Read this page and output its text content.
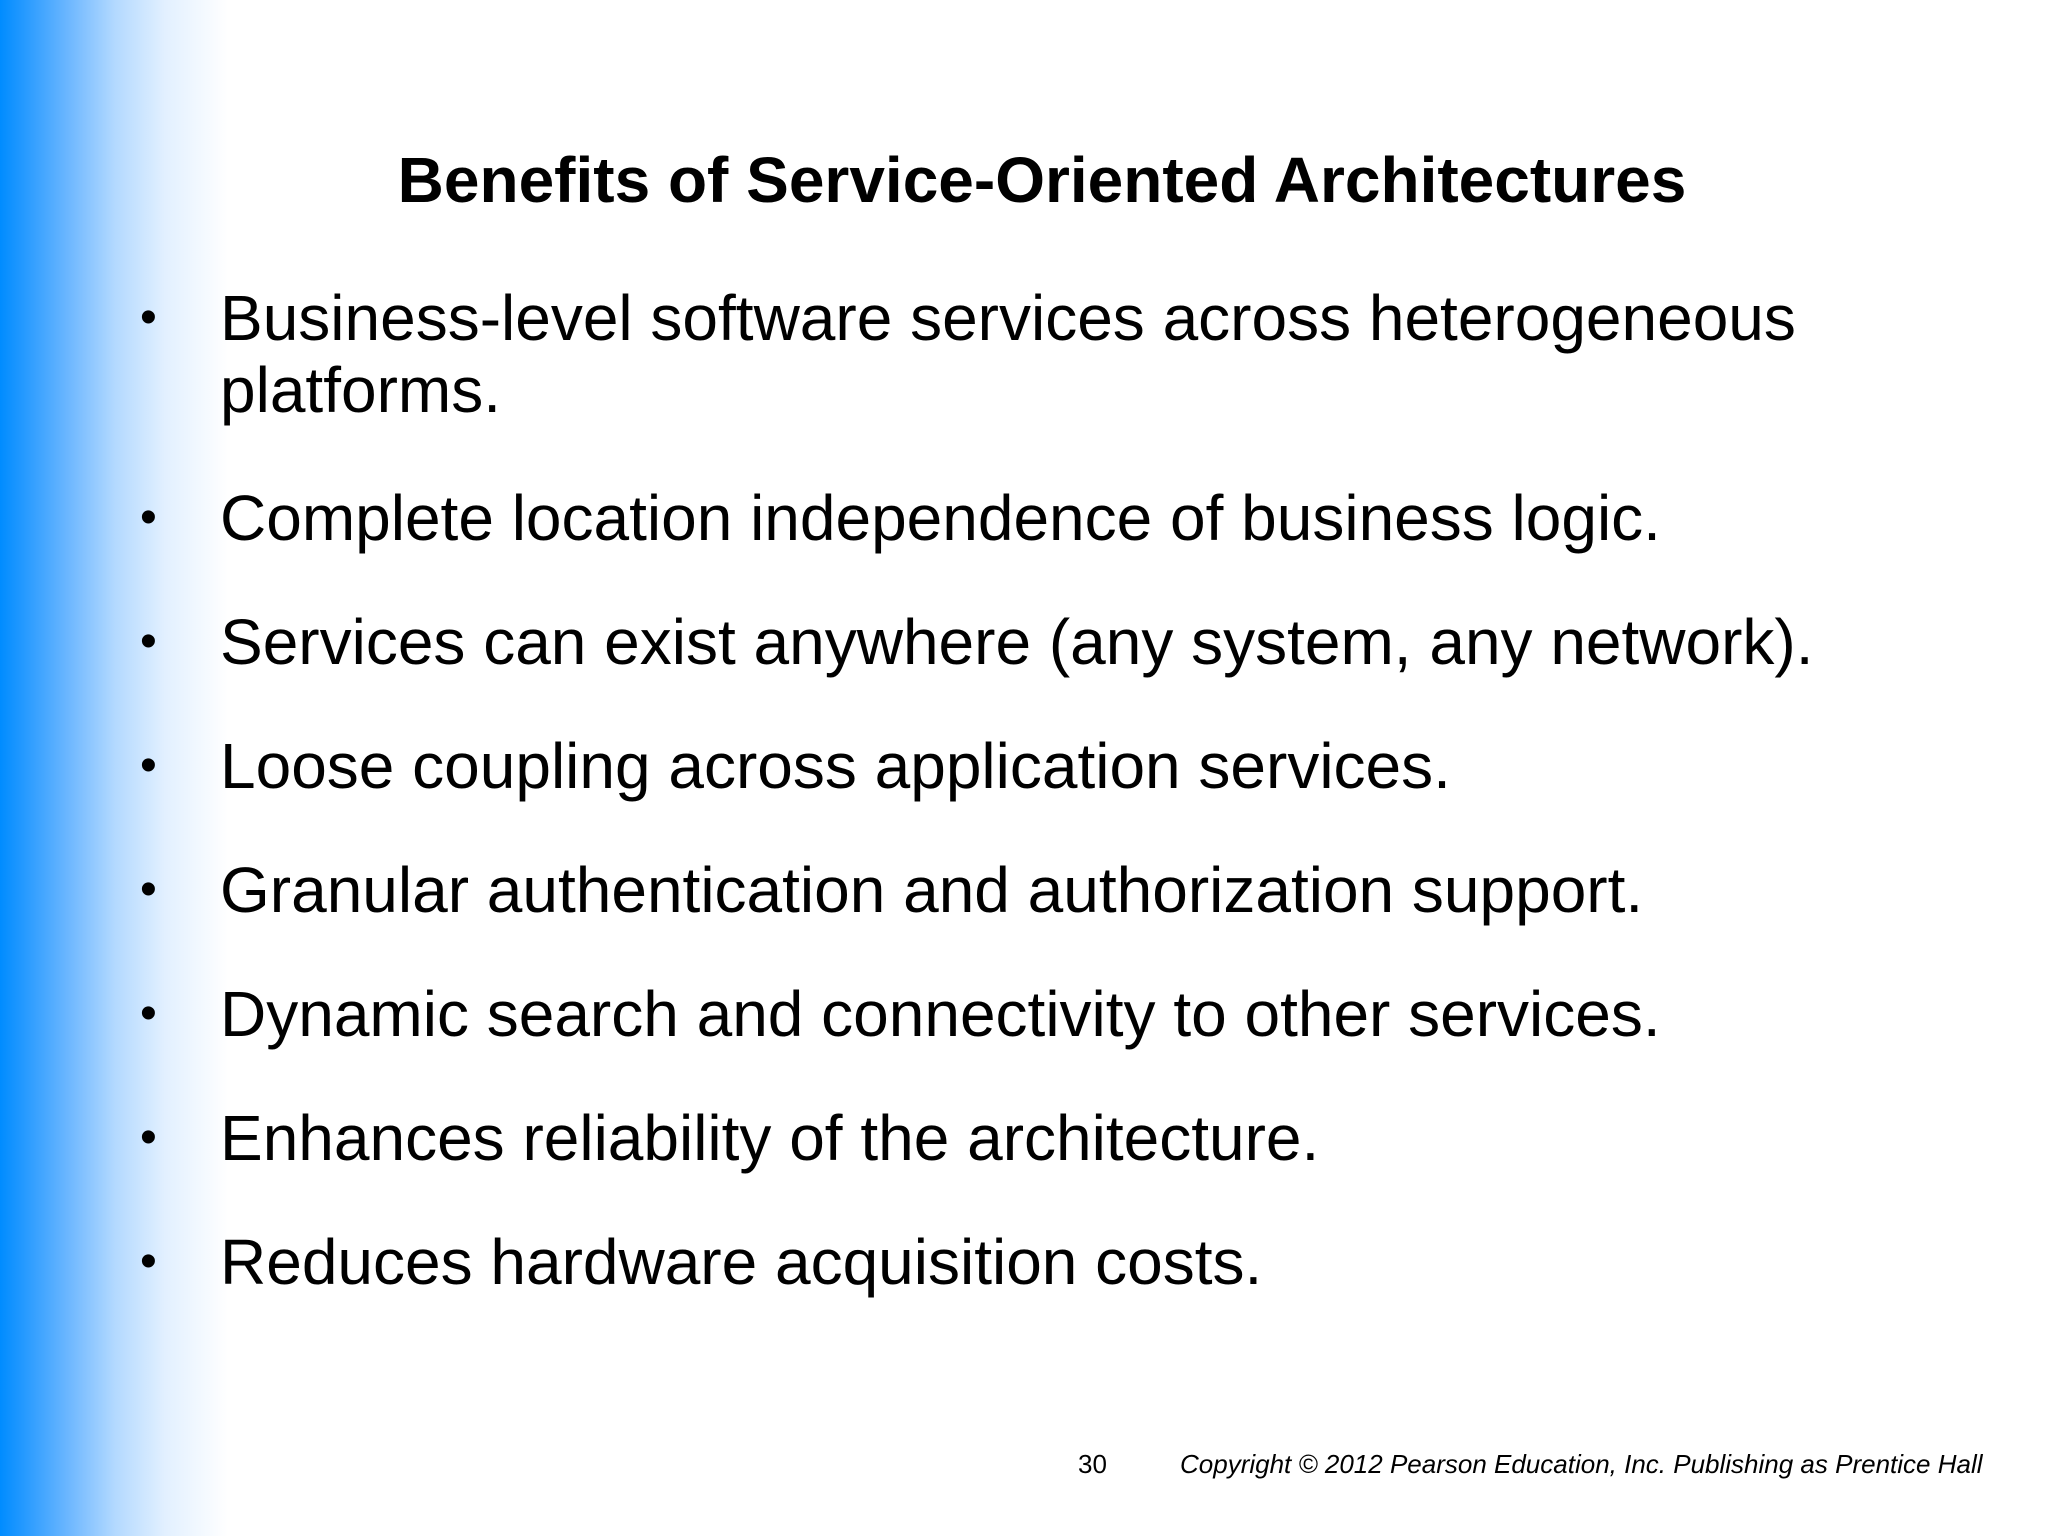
Benefits of Service-Oriented Architectures
• Business-level software services across heterogeneous platforms.
• Complete location independence of business logic.
• Services can exist anywhere (any system, any network).
• Loose coupling across application services.
• Granular authentication and authorization support.
• Dynamic search and connectivity to other services.
• Enhances reliability of the architecture.
• Reduces hardware acquisition costs.
30	Copyright © 2012 Pearson Education, Inc. Publishing as Prentice Hall
